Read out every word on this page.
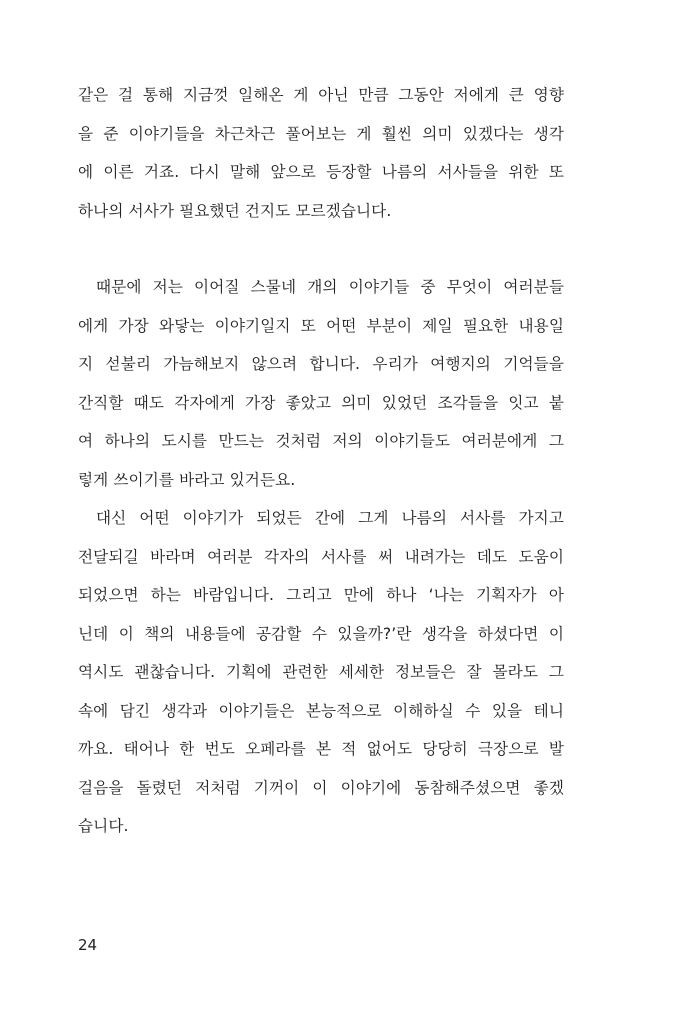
같은 걸 통해 지금껏 일해온 게 아닌 만큼 그동안 저에게 큰 영향
을 준 이야기들을 차근차근 풀어보는 게 훨씬 의미 있겠다는 생각
에 이른 거죠. 다시 말해 앞으로 등장할 나름의 서사들을 위한 또
하나의 서사가 필요했던 건지도 모르겠습니다.
때문에 저는 이어질 스물네 개의 이야기들 중 무엇이 여러분들
에게 가장 와닿는 이야기일지 또 어떤 부분이 제일 필요한 내용일
지 섣불리 가늠해보지 않으려 합니다. 우리가 여행지의 기억들을
간직할 때도 각자에게 가장 좋았고 의미 있었던 조각들을 잇고 붙
여 하나의 도시를 만드는 것처럼 저의 이야기들도 여러분에게 그
렇게 쓰이기를 바라고 있거든요.
대신 어떤 이야기가 되었든 간에 그게 나름의 서사를 가지고
전달되길 바라며 여러분 각자의 서사를 써 내려가는 데도 도움이
되었으면 하는 바람입니다. 그리고 만에 하나 ‘나는 기획자가 아
닌데 이 책의 내용들에 공감할 수 있을까?’란 생각을 하셨다면 이
역시도 괜찮습니다. 기획에 관련한 세세한 정보들은 잘 몰라도 그
속에 담긴 생각과 이야기들은 본능적으로 이해하실 수 있을 테니
까요. 태어나 한 번도 오페라를 본 적 없어도 당당히 극장으로 발
걸음을 돌렸던 저처럼 기꺼이 이 이야기에 동참해주셨으면 좋겠
습니다.
24
